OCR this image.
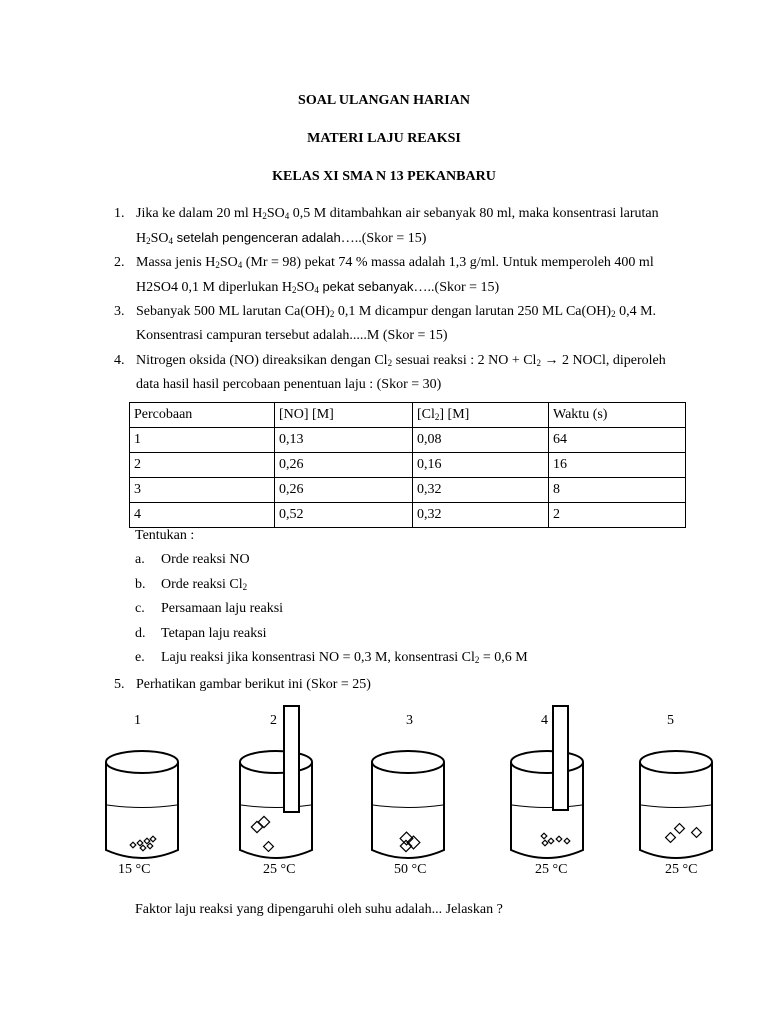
SOAL ULANGAN HARIAN
MATERI LAJU REAKSI
KELAS XI SMA N 13 PEKANBARU
1. Jika ke dalam 20 ml $H_2SO_4$ 0,5 M ditambahkan air sebanyak 80 ml, maka konsentrasi larutan
$H_2SO_4$ setelah pengenceran adalah…..(Skor = 15)
2. Massa jenis $H_2SO_4$ (Mr = 98) pekat 74 % massa adalah 1,3 g/ml. Untuk memperoleh 400 ml
H2SO4 0,1 M diperlukan $H_2SO_4$ pekat sebanyak…..(Skor = 15)
3. Sebanyak 500 ML larutan $Ca(OH)_2$ 0,1 M dicampur dengan larutan 250 ML $Ca(OH)_2$ 0,4 M.
Konsentrasi campuran tersebut adalah.....M (Skor = 15)
4. Nitrogen oksida (NO) direaksikan dengan $Cl_2$ sesuai reaksi : 2 NO + $Cl_2 \to 2$ NOCl, diperoleh
data hasil hasil percobaan penentuan laju : (Skor = 30)
Percobaan	[NO] [M]	$[Cl_2]$ [M]	Waktu (s)
1	0,13	0,08	64
2	0,26	0,16	16
3	0,26	0,32	8
4	0,52	0,32	2
Tentukan :
a.	Orde reaksi NO
b.	Orde reaksi $Cl_2$
c.	Persamaan laju reaksi
d.	Tetapan laju reaksi
e.	Laju reaksi jika konsentrasi NO = 0,3 M, konsentrasi $Cl_2 = 0,6$ M
5. Perhatikan gambar berikut ini (Skor = 25)
1	2	3	4	5
15 °C	25 °C	50 °C	25 °C	25 °C
Faktor laju reaksi yang dipengaruhi oleh suhu adalah... Jelaskan ?
